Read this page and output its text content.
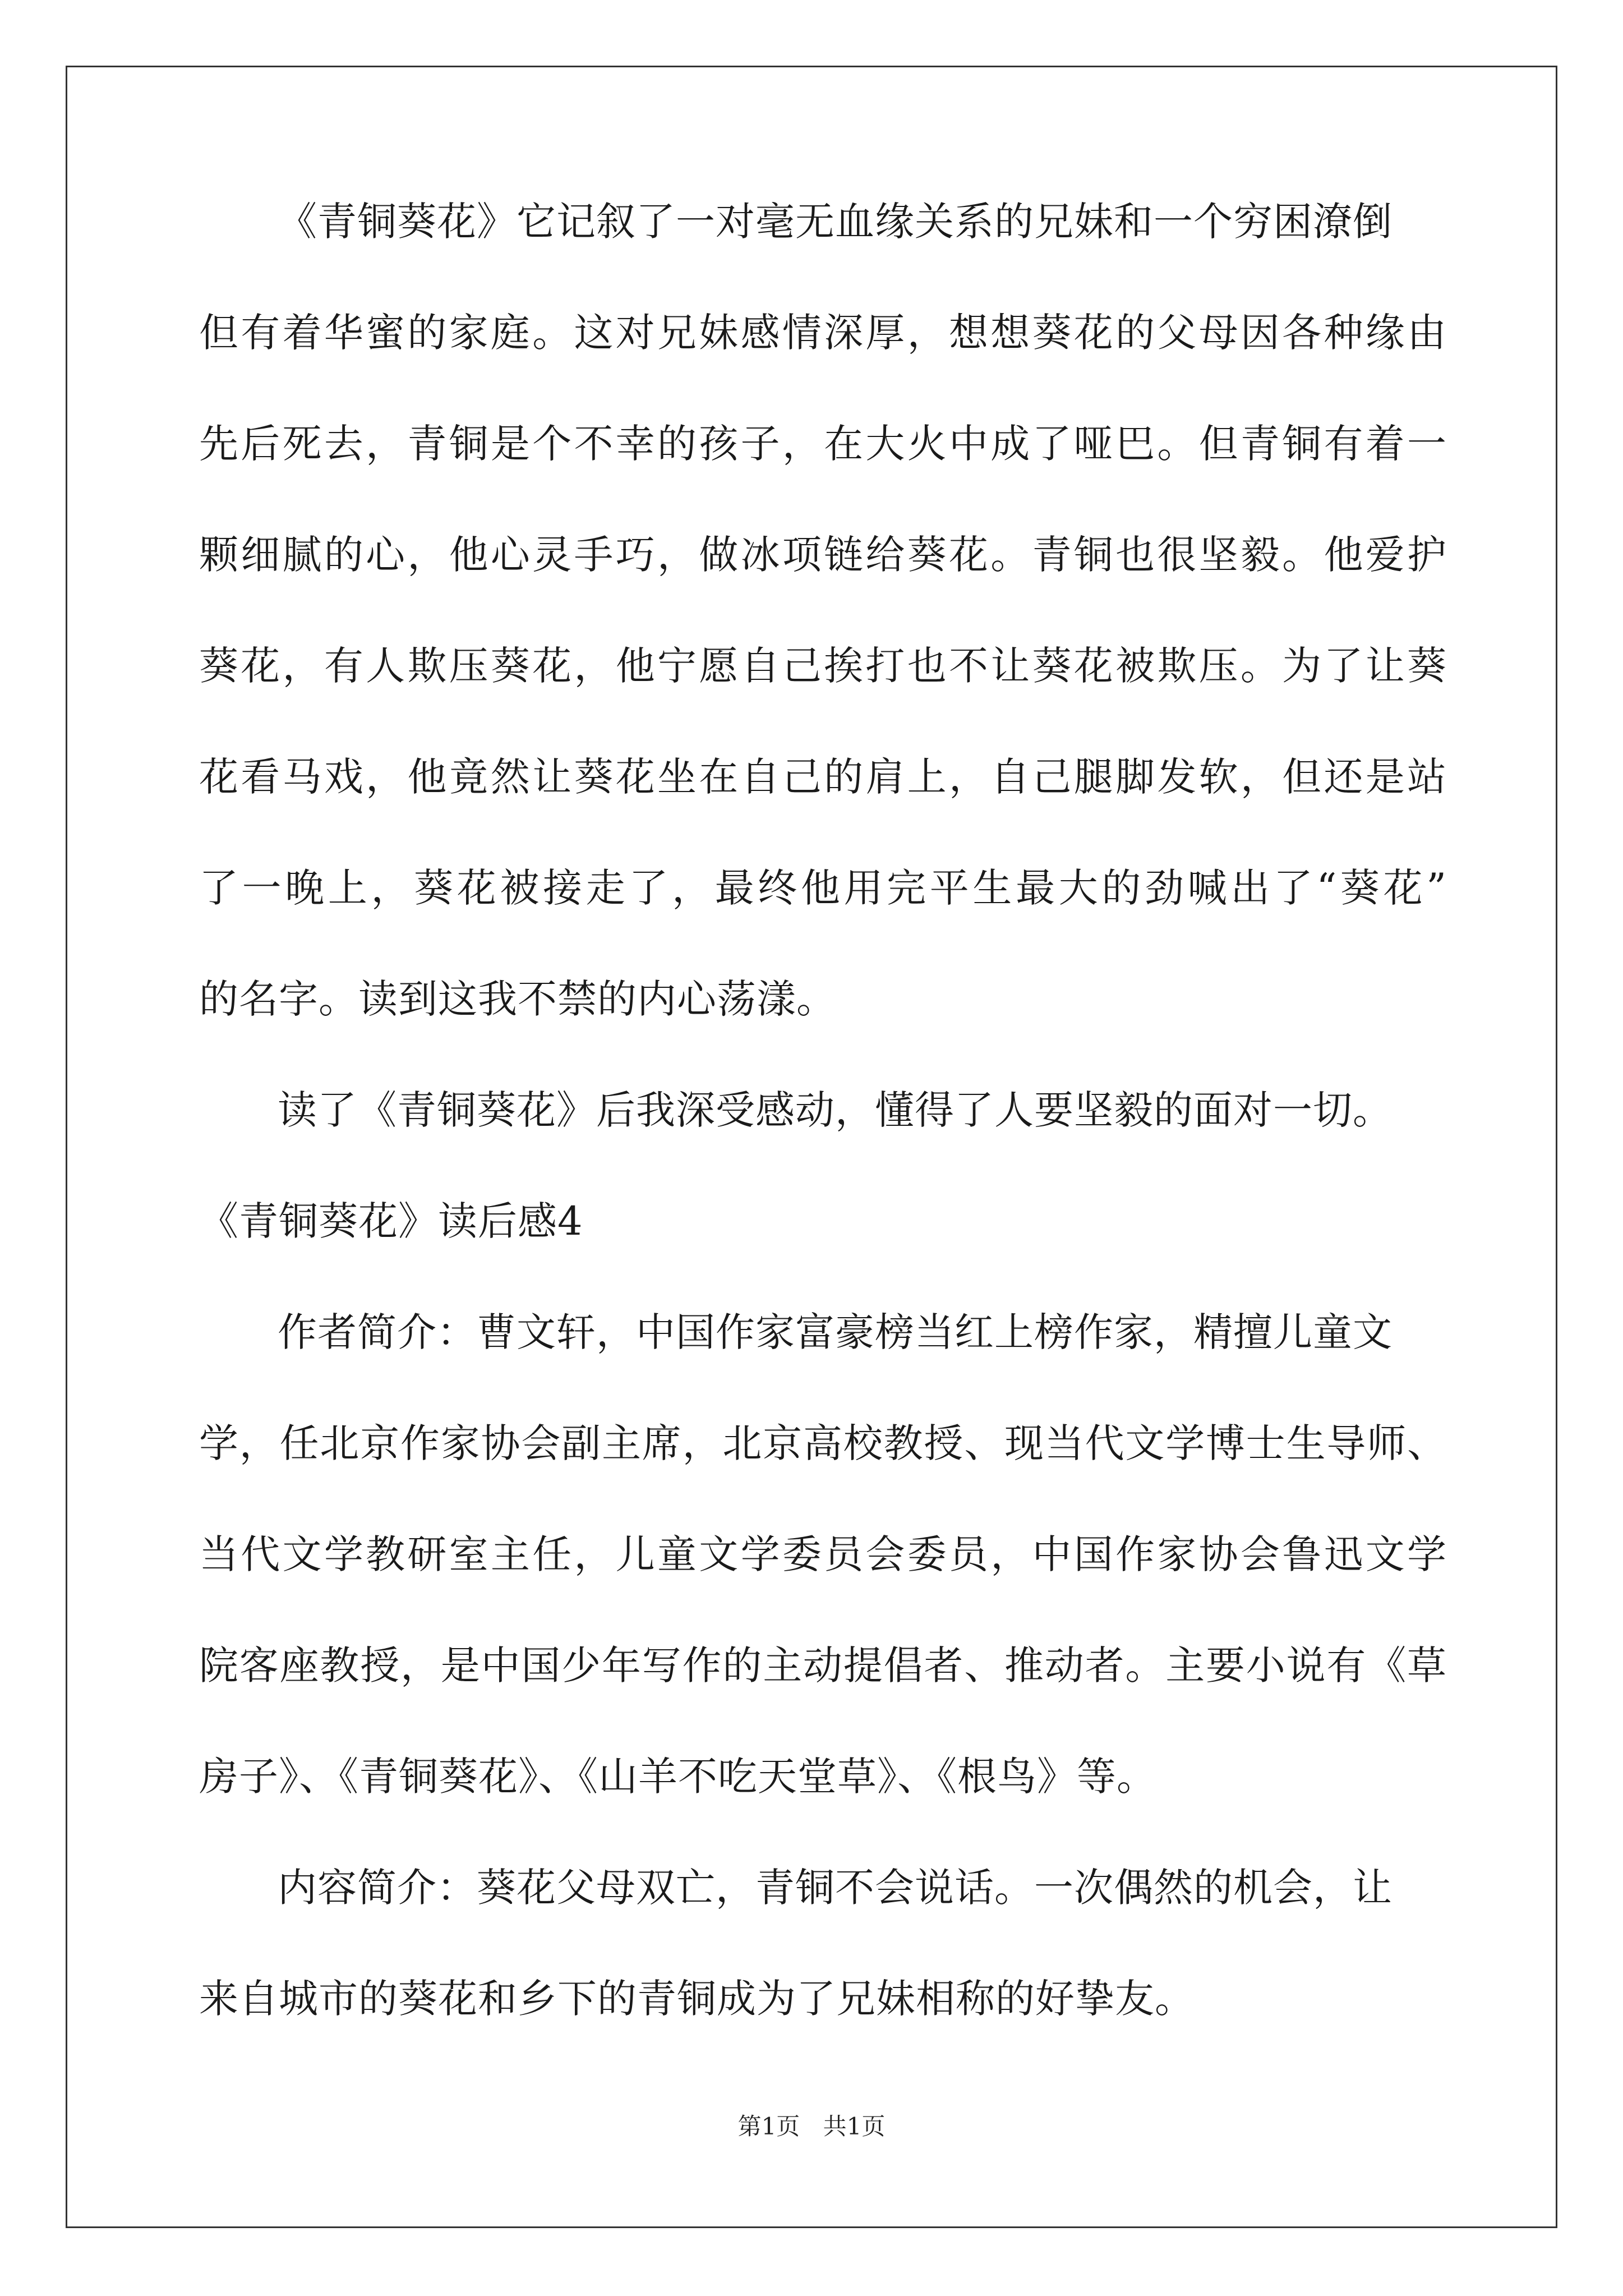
《青铜葵花》它记叙了一对毫无血缘关系的兄妹和一个穷困潦倒
但有着华蜜的家庭。这对兄妹感情深厚，想想葵花的父母因各种缘由
先后死去，青铜是个不幸的孩子，在大火中成了哑巴。但青铜有着一
颗细腻的心，他心灵手巧，做冰项链给葵花。青铜也很坚毅。他爱护
葵花，有人欺压葵花，他宁愿自己挨打也不让葵花被欺压。为了让葵
花看马戏，他竟然让葵花坐在自己的肩上，自己腿脚发软，但还是站
了一晚上，葵花被接走了，最终他用完平生最大的劲喊出了“葵花”
的名字。读到这我不禁的内心荡漾。
读了《青铜葵花》后我深受感动，懂得了人要坚毅的面对一切。
《青铜葵花》读后感4
作者简介：曹文轩，中国作家富豪榜当红上榜作家，精擅儿童文
学，任北京作家协会副主席，北京高校教授、现当代文学博士生导师、
当代文学教研室主任，儿童文学委员会委员，中国作家协会鲁迅文学
院客座教授，是中国少年写作的主动提倡者、推动者。主要小说有《草
房子》、《青铜葵花》、《山羊不吃天堂草》、《根鸟》等。
内容简介：葵花父母双亡，青铜不会说话。一次偶然的机会，让
来自城市的葵花和乡下的青铜成为了兄妹相称的好挚友。
第1页 共1页
